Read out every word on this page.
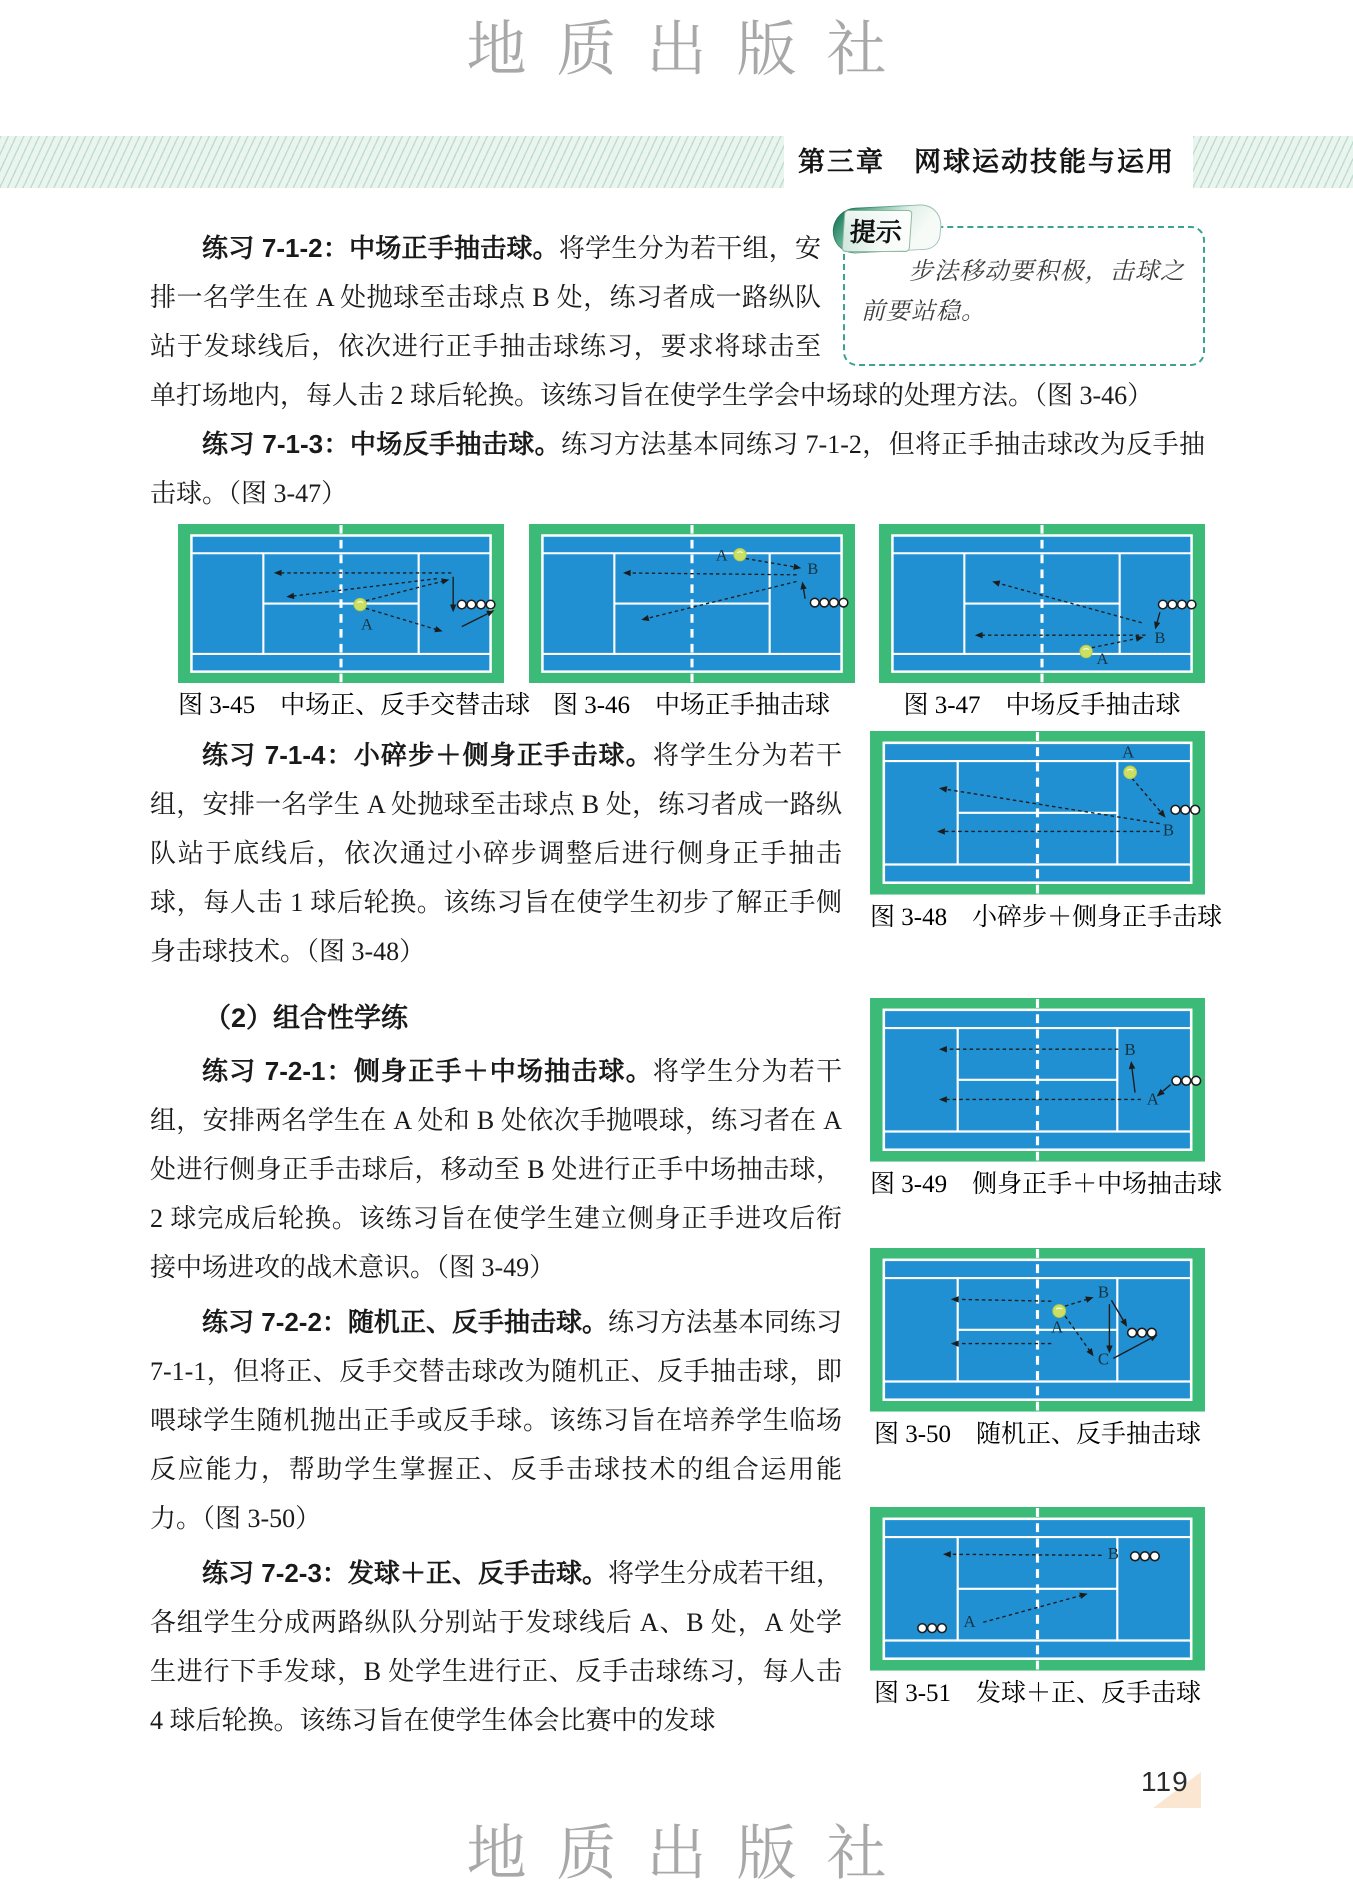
地质出版社
第三章　网球运动技能与运用
提示

步法移动要积极，击球之前要站稳。

练习 7-1-2：中场正手抽击球。将学生分为若干组，安排一名学生在 A 处抛球至击球点 B 处，练习者成一路纵队站于发球线后，依次进行正手抽击球练习，要求将球击至单打场地内，每人击 2 球后轮换。该练习旨在使学生学会中场球的处理方法。（图 3-46）

练习 7-1-3：中场反手抽击球。练习方法基本同练习 7-1-2，但将正手抽击球改为反手抽击球。（图 3-47）

A
图 3-45　中场正、反手交替击球
A
B
图 3-46　中场正手抽击球
A
B
图 3-47　中场反手抽击球

练习 7-1-4：小碎步＋侧身正手击球。将学生分为若干组，安排一名学生 A 处抛球至击球点 B 处，练习者成一路纵队站于底线后，依次通过小碎步调整后进行侧身正手抽击球，每人击 1 球后轮换。该练习旨在使学生初步了解正手侧身击球技术。（图 3-48）

A
B
图 3-48　小碎步＋侧身正手击球
（2）组合性学练

练习 7-2-1：侧身正手＋中场抽击球。将学生分为若干组，安排两名学生在 A 处和 B 处依次手抛喂球，练习者在 A 处进行侧身正手击球后，移动至 B 处进行正手中场抽击球，2 球完成后轮换。该练习旨在使学生建立侧身正手进攻后衔接中场进攻的战术意识。（图 3-49）

B
A
图 3-49　侧身正手＋中场抽击球

练习 7-2-2：随机正、反手抽击球。练习方法基本同练习 7-1-1，但将正、反手交替击球改为随机正、反手抽击球，即喂球学生随机抛出正手或反手球。该练习旨在培养学生临场反应能力，帮助学生掌握正、反手击球技术的组合运用能力。（图 3-50）

A
B
C
图 3-50　随机正、反手抽击球

练习 7-2-3：发球＋正、反手击球。将学生分成若干组，各组学生分成两路纵队分别站于发球线后 A、B 处，A 处学生进行下手发球，B 处学生进行正、反手击球练习，每人击 4 球后轮换。该练习旨在使学生体会比赛中的发球

B
A
图 3-51　发球＋正、反手击球
119
地质出版社
